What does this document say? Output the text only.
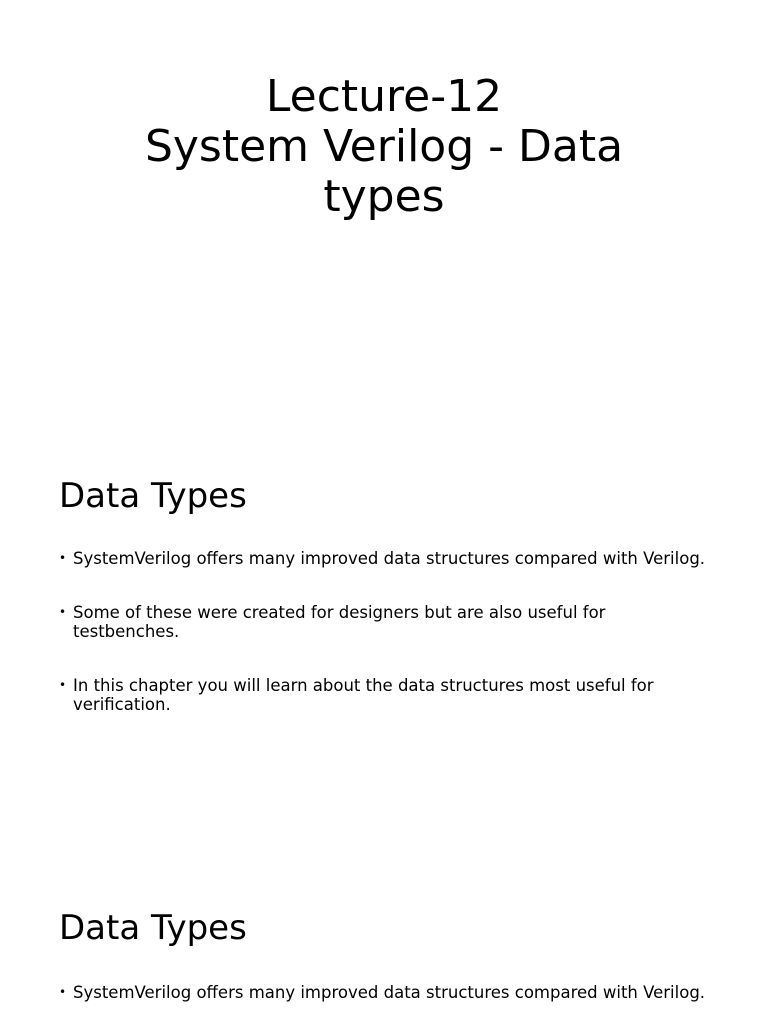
Lecture-12
System Verilog - Data
types
Data Types
• SystemVerilog offers many improved data structures compared with Verilog.
• Some of these were created for designers but are also useful for testbenches.
• In this chapter you will learn about the data structures most useful for verification.
Data Types
• SystemVerilog offers many improved data structures compared with Verilog.
